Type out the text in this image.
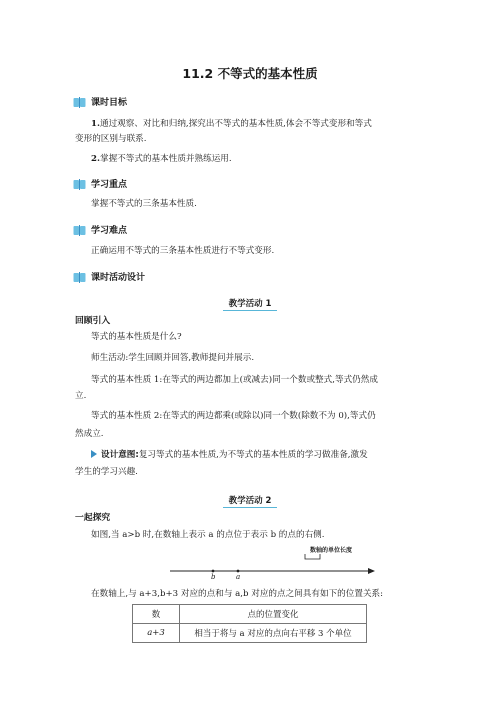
11.2 不等式的基本性质
课时目标
1.通过观察、对比和归纳,探究出不等式的基本性质,体会不等式变形和等式
变形的区别与联系.
2.掌握不等式的基本性质并熟练运用.
学习重点
掌握不等式的三条基本性质.
学习难点
正确运用不等式的三条基本性质进行不等式变形.
课时活动设计
教学活动 1
回顾引入
等式的基本性质是什么?
师生活动:学生回顾并回答,教师提问并展示.
等式的基本性质 1:在等式的两边都加上(或减去)同一个数或整式,等式仍然成
立.
等式的基本性质 2:在等式的两边都乘(或除以)同一个数(除数不为 0),等式仍
然成立.
设计意图:复习等式的基本性质,为不等式的基本性质的学习做准备,激发
学生的学习兴趣.
教学活动 2
一起探究
如图,当 a>b 时,在数轴上表示 a 的点位于表示 b 的点的右侧.
数轴的单位长度
b	a
在数轴上,与 a+3,b+3 对应的点和与 a,b 对应的点之间具有如下的位置关系:
数	点的位置变化
a+3	相当于将与 a 对应的点向右平移 3 个单位
